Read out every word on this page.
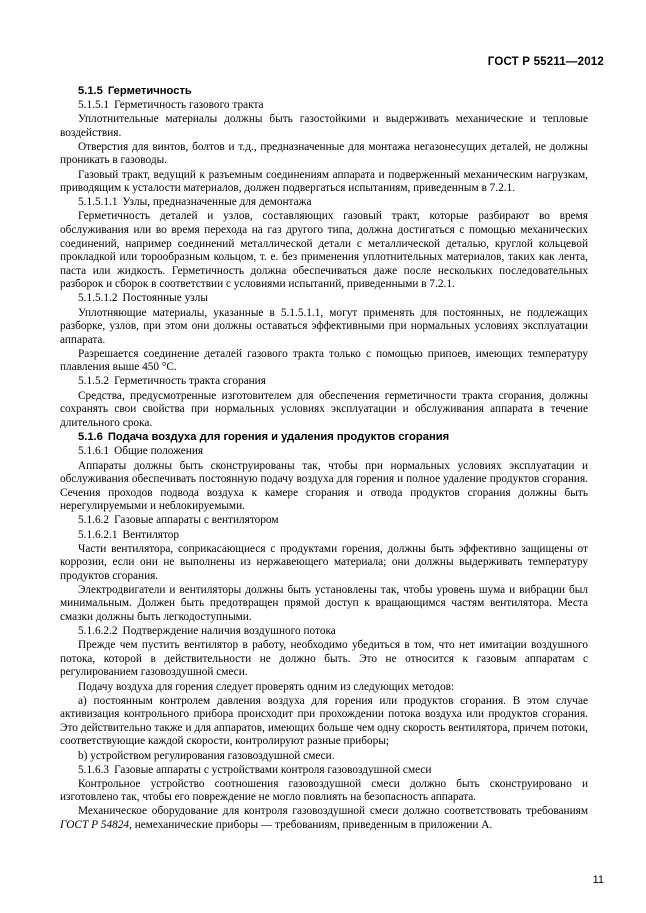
ГОСТ Р 55211—2012

5.1.5 Герметичность

5.1.5.1 Герметичность газового тракта

Уплотнительные материалы должны быть газостойкими и выдерживать механические и тепловые воздействия.

Отверстия для винтов, болтов и т.д., предназначенные для монтажа негазонесущих деталей, не должны проникать в газоводы.

Газовый тракт, ведущий к разъемным соединениям аппарата и подверженный механическим нагрузкам, приводящим к усталости материалов, должен подвергаться испытаниям, приведенным в 7.2.1.

5.1.5.1.1 Узлы, предназначенные для демонтажа

Герметичность деталей и узлов, составляющих газовый тракт, которые разбирают во время обслуживания или во время перехода на газ другого типа, должна достигаться с помощью механических соединений, например соединений металлической детали с металлической деталью, круглой кольцевой прокладкой или торообразным кольцом, т. е. без применения уплотнительных материалов, таких как лента, паста или жидкость. Герметичность должна обеспечиваться даже после нескольких последовательных разборок и сборок в соответствии с условиями испытаний, приведенными в 7.2.1.

5.1.5.1.2 Постоянные узлы

Уплотняющие материалы, указанные в 5.1.5.1.1, могут применять для постоянных, не подлежащих разборке, узлов, при этом они должны оставаться эффективными при нормальных условиях эксплуатации аппарата.

Разрешается соединение деталей газового тракта только с помощью припоев, имеющих температуру плавления выше 450 °С.

5.1.5.2 Герметичность тракта сгорания

Средства, предусмотренные изготовителем для обеспечения герметичности тракта сгорания, должны сохранять свои свойства при нормальных условиях эксплуатации и обслуживания аппарата в течение длительного срока.

5.1.6 Подача воздуха для горения и удаления продуктов сгорания

5.1.6.1 Общие положения

Аппараты должны быть сконструированы так, чтобы при нормальных условиях эксплуатации и обслуживания обеспечивать постоянную подачу воздуха для горения и полное удаление продуктов сгорания. Сечения проходов подвода воздуха к камере сгорания и отвода продуктов сгорания должны быть нерегулируемыми и неблокируемыми.

5.1.6.2 Газовые аппараты с вентилятором

5.1.6.2.1 Вентилятор

Части вентилятора, соприкасающиеся с продуктами горения, должны быть эффективно защищены от коррозии, если они не выполнены из нержавеющего материала; они должны выдерживать температуру продуктов сгорания.

Электродвигатели и вентиляторы должны быть установлены так, чтобы уровень шума и вибрации был минимальным. Должен быть предотвращен прямой доступ к вращающимся частям вентилятора. Места смазки должны быть легкодоступными.

5.1.6.2.2 Подтверждение наличия воздушного потока

Прежде чем пустить вентилятор в работу, необходимо убедиться в том, что нет имитации воздушного потока, которой в действительности не должно быть. Это не относится к газовым аппаратам с регулированием газовоздушной смеси.

Подачу воздуха для горения следует проверять одним из следующих методов:

a) постоянным контролем давления воздуха для горения или продуктов сгорания. В этом случае активизация контрольного прибора происходит при прохождении потока воздуха или продуктов сгорания. Это действительно также и для аппаратов, имеющих больше чем одну скорость вентилятора, причем потоки, соответствующие каждой скорости, контролируют разные приборы;

b) устройством регулирования газовоздушной смеси.

5.1.6.3 Газовые аппараты с устройствами контроля газовоздушной смеси

Контрольное устройство соотношения газовоздушной смеси должно быть сконструировано и изготовлено так, чтобы его повреждение не могло повлиять на безопасность аппарата.

Механическое оборудование для контроля газовоздушной смеси должно соответствовать требованиям ГОСТ Р 54824, немеханические приборы — требованиям, приведенным в приложении А.

11
